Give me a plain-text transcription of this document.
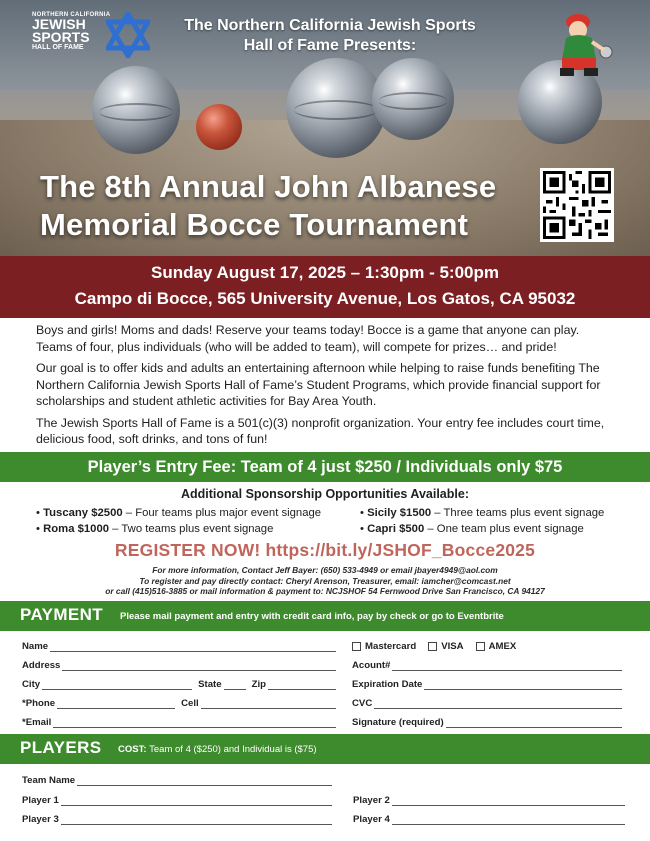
NORTHERN CALIFORNIA
JEWISH
SPORTS
HALL OF FAME
The Northern California Jewish Sports
Hall of Fame Presents:
The 8th Annual John Albanese
Memorial Bocce Tournament
Sunday August 17, 2025 – 1:30pm - 5:00pm
Campo di Bocce, 565 University Avenue, Los Gatos, CA 95032

Boys and girls! Moms and dads! Reserve your teams today! Bocce is a game that anyone can play. Teams of four, plus individuals (who will be added to team), will compete for prizes… and pride!

Our goal is to offer kids and adults an entertaining afternoon while helping to raise funds benefiting The Northern California Jewish Sports Hall of Fame’s Student Programs, which provide financial support for scholarships and student athletic activities for Bay Area Youth.

The Jewish Sports Hall of Fame is a 501(c)(3) nonprofit organization. Your entry fee includes court time, delicious food, soft drinks, and tons of fun!

Player’s Entry Fee: Team of 4 just $250 / Individuals only $75
Additional Sponsorship Opportunities Available:
• Tuscany $2500 – Four teams plus major event signage
• Roma $1000 – Two teams plus event signage
• Sicily $1500 – Three teams plus event signage
• Capri $500 – One team plus event signage
REGISTER NOW! https://bit.ly/JSHOF_Bocce2025
For more information, Contact Jeff Bayer: (650) 533-4949 or email jbayer4949@aol.com
To register and pay directly contact: Cheryl Arenson, Treasurer, email: iamcher@comcast.net
or call (415)516-3885 or mail information & payment to: NCJSHOF 54 Fernwood Drive San Francisco, CA 94127
PAYMENT Please mail payment and entry with credit card info, pay by check or go to Eventbrite
Name
Address
City	State	Zip
*Phone	Cell
*Email
Mastercard	VISA	AMEX
Acount#
Expiration Date
CVC
Signature (required)
PLAYERS COST: Team of 4 ($250) and Individual is ($75)
Team Name
Player 1
Player 3
Player 2
Player 4
